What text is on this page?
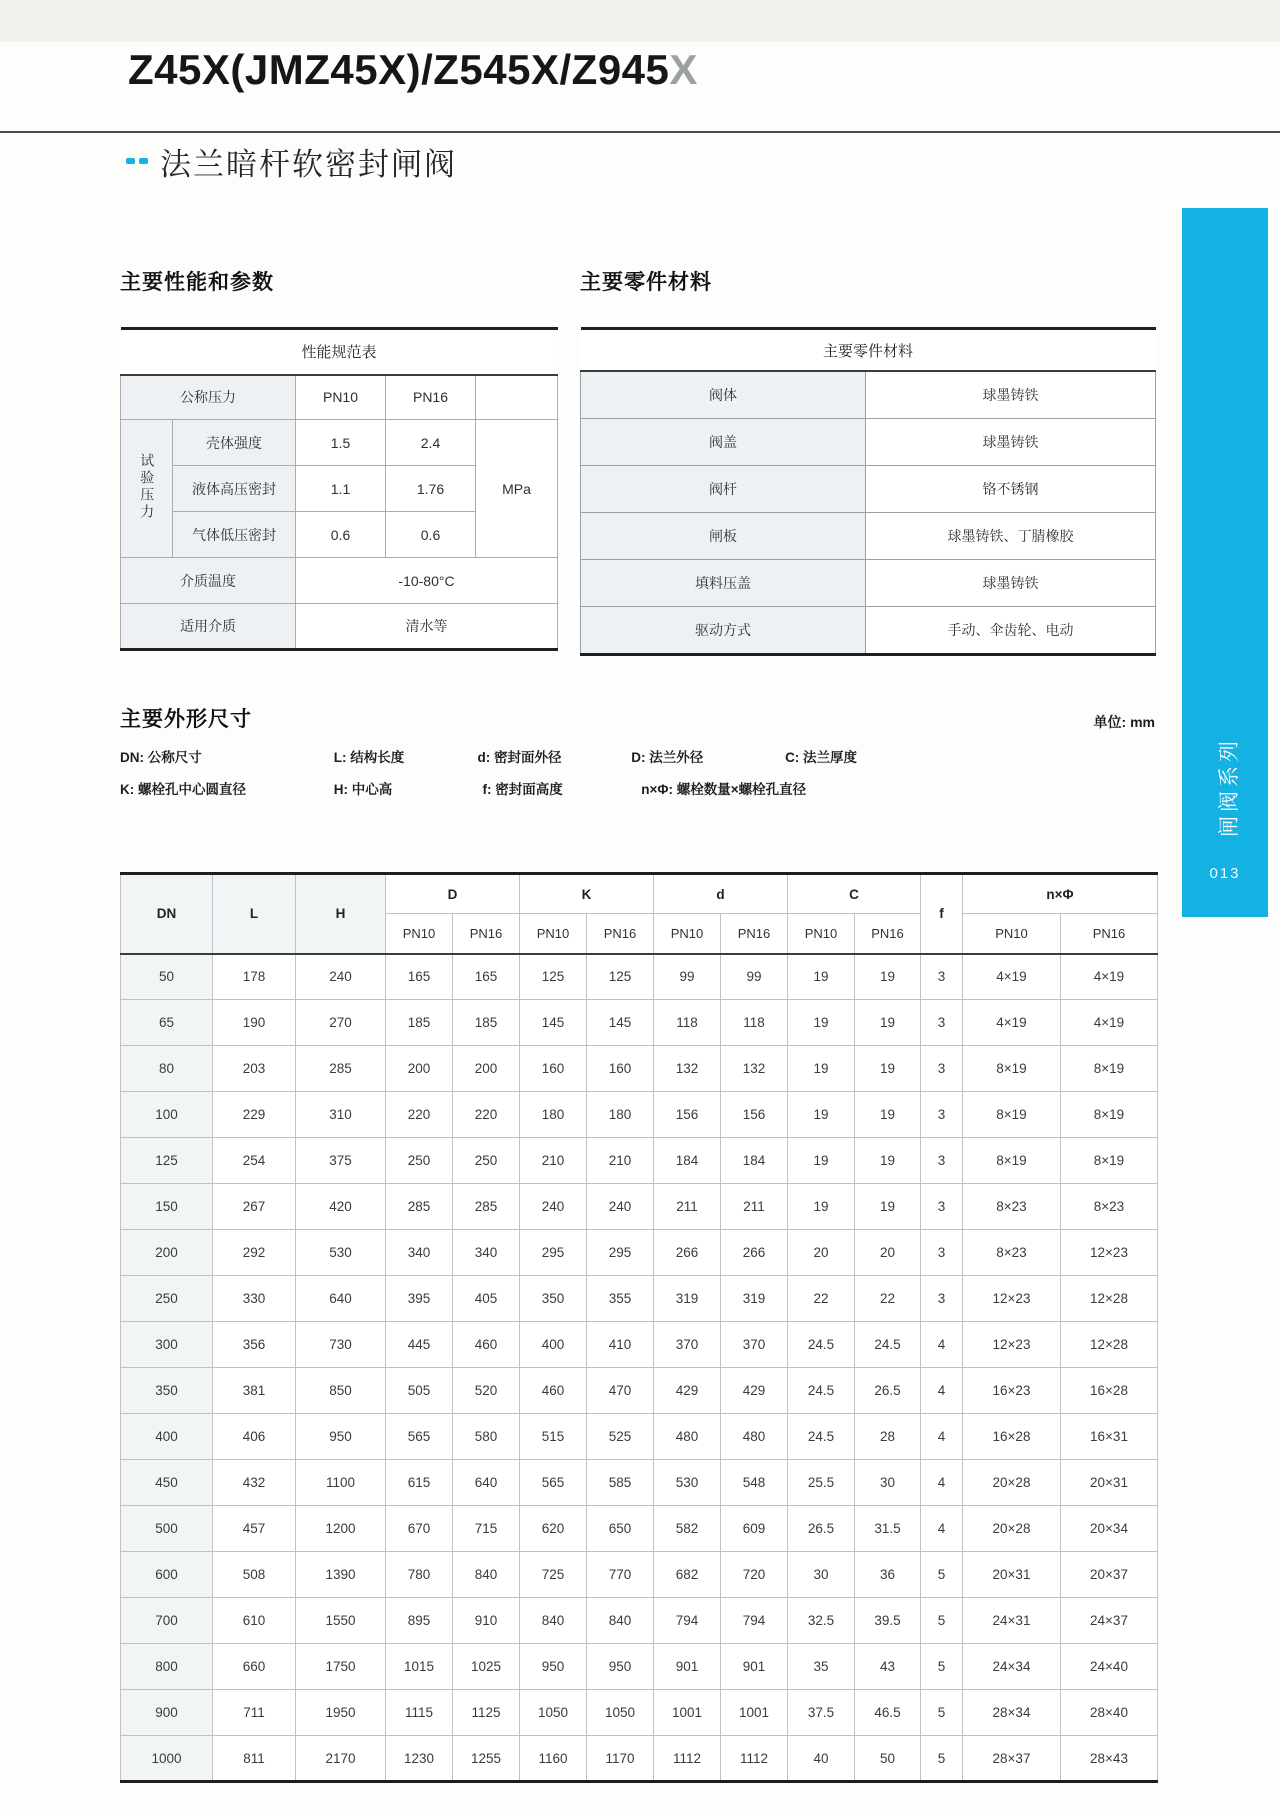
Z45X(JMZ45X)/Z545X/Z945X
法兰暗杆软密封闸阀
主要性能和参数	主要零件材料
性能规范表				
公称压力		PN10	PN16	
试验压力	壳体强度	1.5	2.4	MPa
	液体高压密封	1.1	1.76	
	气体低压密封	0.6	0.6	
介质温度		-10-80°C		
适用介质		清水等		
主要零件材料	
阀体	球墨铸铁
阀盖	球墨铸铁
阀杆	铬不锈钢
闸板	球墨铸铁、丁腈橡胶
填料压盖	球墨铸铁
驱动方式	手动、伞齿轮、电动
主要外形尺寸	单位: mm
DN: 公称尺寸	L: 结构长度	d: 密封面外径	D: 法兰外径	C: 法兰厚度
K: 螺栓孔中心圆直径	H: 中心高	f: 密封面高度	n×Φ: 螺栓数量×螺栓孔直径
DN	L	H	D		K		d		C		f	n×Φ	
			PN10	PN16	PN10	PN16	PN10	PN16	PN10	PN16		PN10	PN16
50	178	240	165	165	125	125	99	99	19	19	3	4×19	4×19
65	190	270	185	185	145	145	118	118	19	19	3	4×19	4×19
80	203	285	200	200	160	160	132	132	19	19	3	8×19	8×19
100	229	310	220	220	180	180	156	156	19	19	3	8×19	8×19
125	254	375	250	250	210	210	184	184	19	19	3	8×19	8×19
150	267	420	285	285	240	240	211	211	19	19	3	8×23	8×23
200	292	530	340	340	295	295	266	266	20	20	3	8×23	12×23
250	330	640	395	405	350	355	319	319	22	22	3	12×23	12×28
300	356	730	445	460	400	410	370	370	24.5	24.5	4	12×23	12×28
350	381	850	505	520	460	470	429	429	24.5	26.5	4	16×23	16×28
400	406	950	565	580	515	525	480	480	24.5	28	4	16×28	16×31
450	432	1100	615	640	565	585	530	548	25.5	30	4	20×28	20×31
500	457	1200	670	715	620	650	582	609	26.5	31.5	4	20×28	20×34
600	508	1390	780	840	725	770	682	720	30	36	5	20×31	20×37
700	610	1550	895	910	840	840	794	794	32.5	39.5	5	24×31	24×37
800	660	1750	1015	1025	950	950	901	901	35	43	5	24×34	24×40
900	711	1950	1115	1125	1050	1050	1001	1001	37.5	46.5	5	28×34	28×40
1000	811	2170	1230	1255	1160	1170	1112	1112	40	50	5	28×37	28×43
闸阀系列
013
